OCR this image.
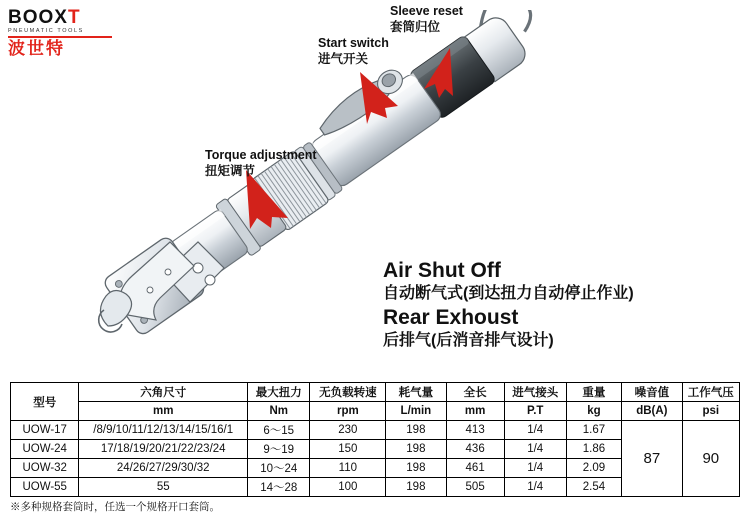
BOOXT
PNEUMATIC TOOLS
波世特
Sleeve reset
套筒归位
Start switch
进气开关
Torque adjustment
扭矩调节
Air Shut Off
自动断气式(到达扭力自动停止作业)
Rear Exhoust
后排气(后消音排气设计)
型号	六角尺寸	最大扭力	无负载转速	耗气量	全长	进气接头	重量	噪音值	工作气压
	mm	Nm	rpm	L/min	mm	P.T	kg	dB(A)	psi
UOW-17	/8/9/10/11/12/13/14/15/16/1	6～15	230	198	413	1/4	1.67	87	90
UOW-24	17/18/19/20/21/22/23/24	9～19	150	198	436	1/4	1.86		
UOW-32	24/26/27/29/30/32	10～24	110	198	461	1/4	2.09		
UOW-55	55	14～28	100	198	505	1/4	2.54		
※多种规格套筒时，任选一个规格开口套筒。
